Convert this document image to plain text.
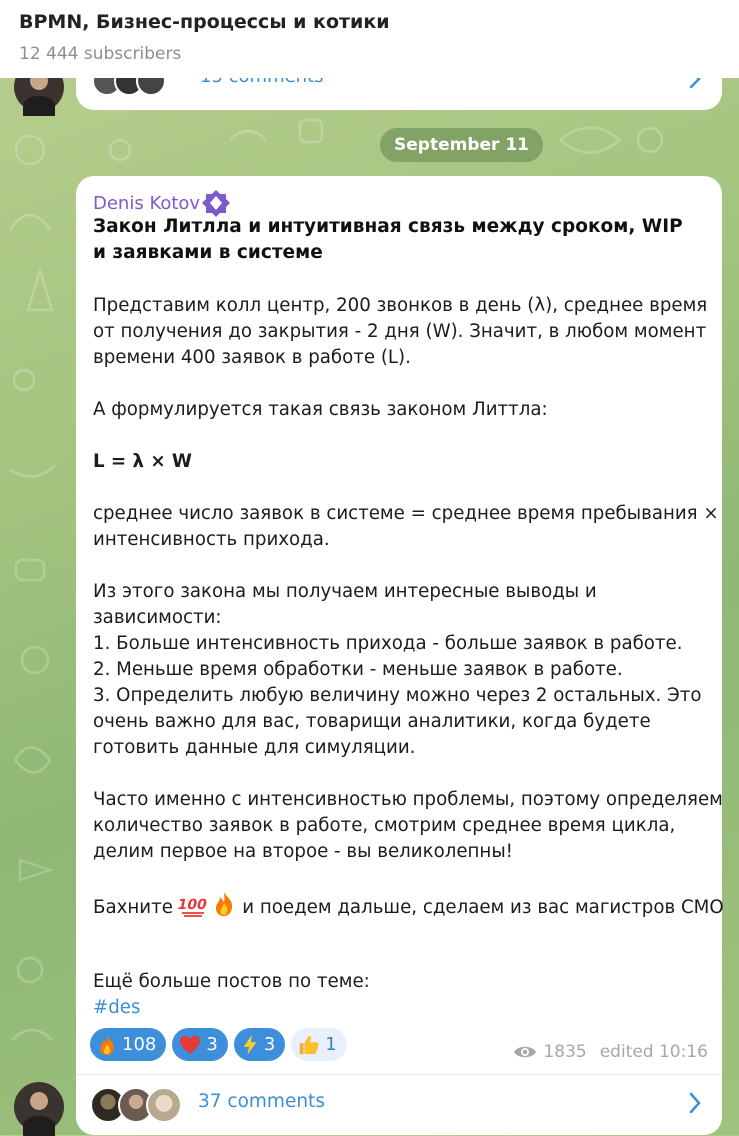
BPMN, Бизнес-процессы и котики
12 444 subscribers
September 11
Denis Kotov
Закон Литлла и интуитивная связь между сроком, WIP и заявками в системе
Представим колл центр, 200 звонков в день (λ), среднее время
от получения до закрытия - 2 дня (W). Значит, в любом момент
времени 400 заявок в работе (L).
А формулируется такая связь законом Литтла:
L = λ × W
среднее число заявок в системе = среднее время пребывания ×
интенсивность прихода.
Из этого закона мы получаем интересные выводы и
зависимости:
1. Больше интенсивность прихода - больше заявок в работе.
2. Меньше время обработки - меньше заявок в работе.
3. Определить любую величину можно через 2 остальных. Это
очень важно для вас, товарищи аналитики, когда будете
готовить данные для симуляции.
Часто именно с интенсивностью проблемы, поэтому определяем
количество заявок в работе, смотрим среднее время цикла,
делим первое на второе - вы великолепны!
Бахните 100 и поедем дальше, сделаем из вас магистров СМО
Ещё больше постов по теме:
#des
108	3	3	1	1835 edited 10:16
37 comments
